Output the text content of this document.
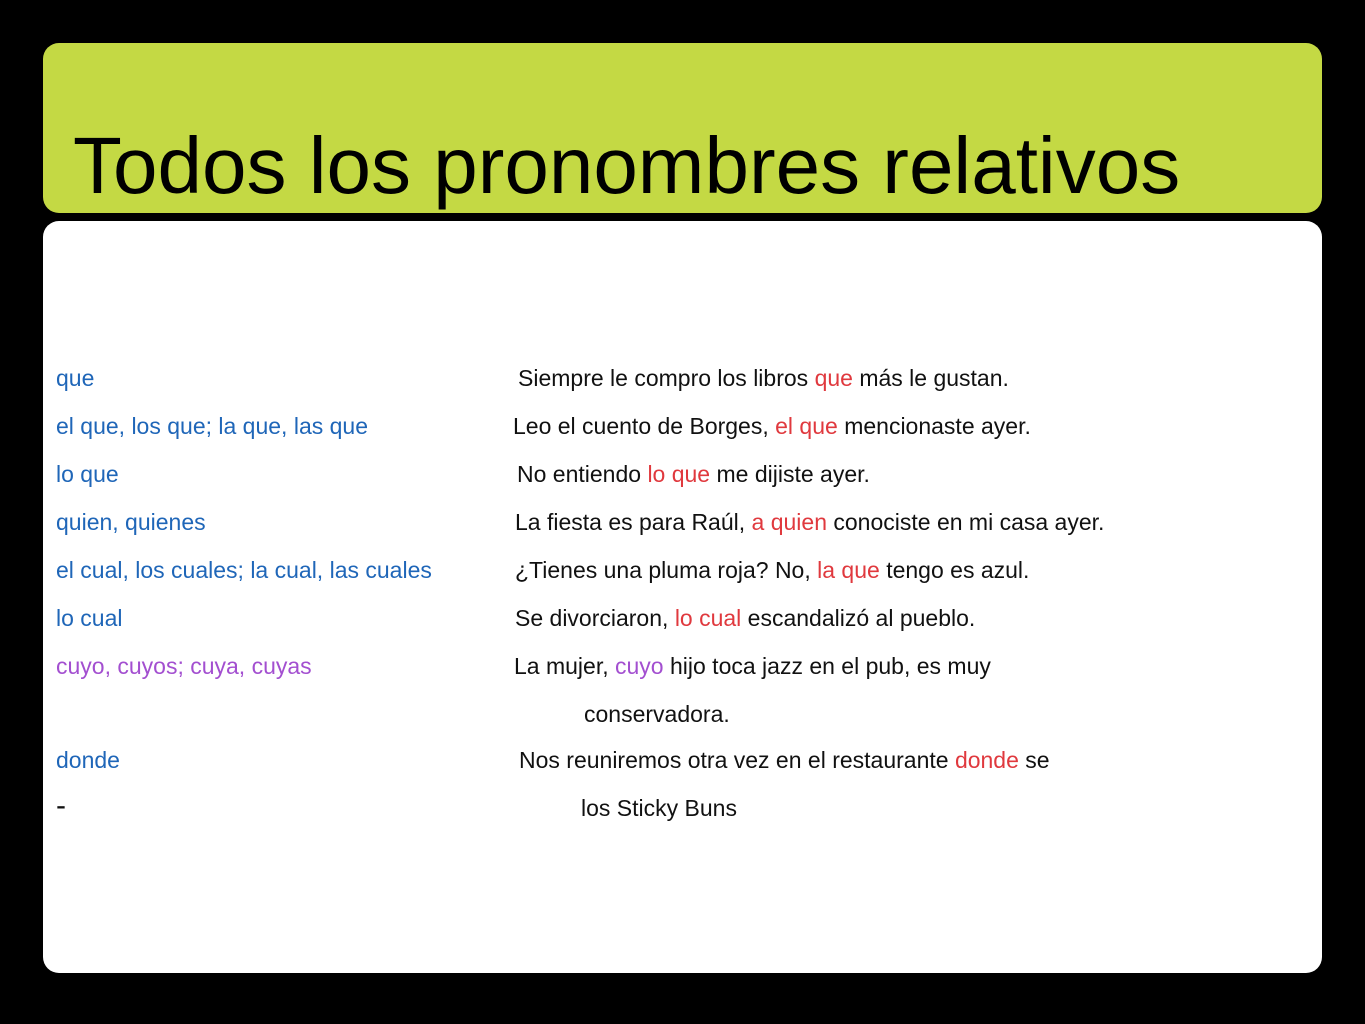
Todos los pronombres relativos
que	Siempre le compro los libros que más le gustan.
el que, los que; la que, las que	Leo el cuento de Borges, el que mencionaste ayer.
lo que	No entiendo lo que me dijiste ayer.
quien, quienes	La fiesta es para Raúl, a quien conociste en mi casa ayer.
el cual, los cuales; la cual, las cuales	¿Tienes una pluma roja? No, la que tengo es azul.
lo cual	Se divorciaron, lo cual escandalizó al pueblo.
cuyo, cuyos; cuya, cuyas	La mujer, cuyo hijo toca jazz en el pub, es muy
conservadora.
donde	Nos reuniremos otra vez en el restaurante donde se
-	los Sticky Buns
